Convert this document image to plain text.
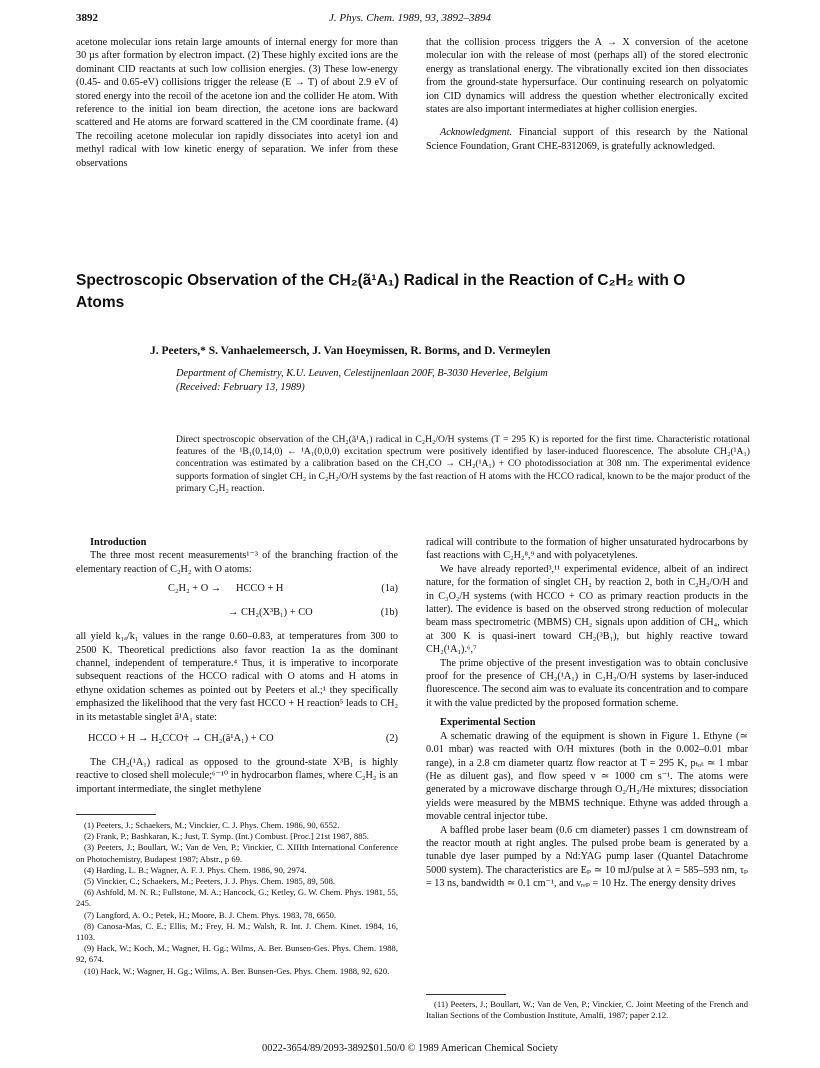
3892	J. Phys. Chem. 1989, 93, 3892–3894

acetone molecular ions retain large amounts of internal energy for more than 30 µs after formation by electron impact. (2) These highly excited ions are the dominant CID reactants at such low collision energies. (3) These low-energy (0.45- and 0.65-eV) collisions trigger the release (E → T) of about 2.9 eV of stored energy into the recoil of the acetone ion and the collider He atom. With reference to the initial ion beam direction, the acetone ions are backward scattered and He atoms are forward scattered in the CM coordinate frame. (4) The recoiling acetone molecular ion rapidly dissociates into acetyl ion and methyl radical with low kinetic energy of separation. We infer from these observations

that the collision process triggers the A → X conversion of the acetone molecular ion with the release of most (perhaps all) of the stored electronic energy as translational energy. The vibrationally excited ion then dissociates from the ground-state hypersurface. Our continuing research on polyatomic ion CID dynamics will address the question whether electronically excited states are also important intermediates at higher collision energies.

Acknowledgment. Financial support of this research by the National Science Foundation, Grant CHE-8312069, is gratefully acknowledged.

Spectroscopic Observation of the CH₂(ã¹A₁) Radical in the Reaction of C₂H₂ with O Atoms
J. Peeters,* S. Vanhaelemeersch, J. Van Hoeymissen, R. Borms, and D. Vermeylen
Department of Chemistry, K.U. Leuven, Celestijnenlaan 200F, B-3030 Heverlee, Belgium
(Received: February 13, 1989)
Direct spectroscopic observation of the CH₂(ã¹A₁) radical in C₂H₂/O/H systems (T = 295 K) is reported for the first time. Characteristic rotational features of the ¹B₁(0,14,0) ← ¹A₁(0,0,0) excitation spectrum were positively identified by laser-induced fluorescence. The absolute CH₂(¹A₁) concentration was estimated by a calibration based on the CH₂CO → CH₂(¹A₁) + CO photodissociation at 308 nm. The experimental evidence supports formation of singlet CH₂ in C₂H₂/O/H systems by the fast reaction of H atoms with the HCCO radical, known to be the major product of the primary C₂H₂ reaction.

Introduction

The three most recent measurements¹⁻³ of the branching fraction of the elementary reaction of C₂H₂ with O atoms:

C₂H₂ + O → HCCO + H	(1a)
→ CH₂(X³B₁) + CO	(1b)

all yield k₁ₐ/k₁ values in the range 0.60–0.83, at temperatures from 300 to 2500 K. Theoretical predictions also favor reaction 1a as the dominant channel, independent of temperature.⁴ Thus, it is imperative to incorporate subsequent reactions of the HCCO radical with O atoms and H atoms in ethyne oxidation schemes as pointed out by Peeters et al.;¹ they specifically emphasized the likelihood that the very fast HCCO + H reaction⁵ leads to CH₂ in its metastable singlet ã¹A₁ state:

HCCO + H → H₂CCO† → CH₂(ã¹A₁) + CO	(2)

The CH₂(¹A₁) radical as opposed to the ground-state X³B₁ is highly reactive to closed shell molecule;⁶⁻¹⁰ in hydrocarbon flames, where C₂H₂ is an important intermediate, the singlet methylene

(1) Peeters, J.; Schaekers, M.; Vinckier, C. J. Phys. Chem. 1986, 90, 6552.

(2) Frank, P.; Bashkaran, K.; Just, T. Symp. (Int.) Combust. [Proc.] 21st 1987, 885.

(3) Peeters, J.; Boullart, W.; Van de Ven, P.; Vinckier, C. XIIIth International Conference on Photochemistry, Budapest 1987; Abstr., p 69.

(4) Harding, L. B.; Wagner, A. F. J. Phys. Chem. 1986, 90, 2974.

(5) Vinckier, C.; Schaekers, M.; Peeters, J. J. Phys. Chem. 1985, 89, 508.

(6) Ashfold, M. N. R.; Fullstone, M. A.; Hancock, G.; Ketley, G. W. Chem. Phys. 1981, 55, 245.

(7) Langford, A. O.; Petek, H.; Moore, B. J. Chem. Phys. 1983, 78, 6650.

(8) Canosa-Mas, C. E.; Ellis, M.; Frey, H. M.; Walsh, R. Int. J. Chem. Kinet. 1984, 16, 1103.

(9) Hack, W.; Koch, M.; Wagner, H. Gg.; Wilms, A. Ber. Bunsen-Ges. Phys. Chem. 1988, 92, 674.

(10) Hack, W.; Wagner, H. Gg.; Wilms, A. Ber. Bunsen-Ges. Phys. Chem. 1988, 92, 620.

radical will contribute to the formation of higher unsaturated hydrocarbons by fast reactions with C₂H₂⁸,⁹ and with polyacetylenes.

We have already reported³,¹¹ experimental evidence, albeit of an indirect nature, for the formation of singlet CH₂ by reaction 2, both in C₂H₂/O/H and in C₃O₂/H systems (with HCCO + CO as primary reaction products in the latter). The evidence is based on the observed strong reduction of molecular beam mass spectrometric (MBMS) CH₂ signals upon addition of CH₄, which at 300 K is quasi-inert toward CH₂(³B₁), but highly reactive toward CH₂(¹A₁).⁶,⁷

The prime objective of the present investigation was to obtain conclusive proof for the presence of CH₂(¹A₁) in C₂H₂/O/H systems by laser-induced fluorescence. The second aim was to evaluate its concentration and to compare it with the value predicted by the proposed formation scheme.

Experimental Section

A schematic drawing of the equipment is shown in Figure 1. Ethyne (≃ 0.01 mbar) was reacted with O/H mixtures (both in the 0.002–0.01 mbar range), in a 2.8 cm diameter quartz flow reactor at T = 295 K, pₜₒₜ ≃ 1 mbar (He as diluent gas), and flow speed v ≃ 1000 cm s⁻¹. The atoms were generated by a microwave discharge through O₂/H₂/He mixtures; dissociation yields were measured by the MBMS technique. Ethyne was added through a movable central injector tube.

A baffled probe laser beam (0.6 cm diameter) passes 1 cm downstream of the reactor mouth at right angles. The pulsed probe beam is generated by a tunable dye laser pumped by a Nd:YAG pump laser (Quantel Datachrome 5000 system). The characteristics are Eₚ ≃ 10 mJ/pulse at λ = 585–593 nm, τₚ = 13 ns, bandwidth ≃ 0.1 cm⁻¹, and νᵣₑₚ = 10 Hz. The energy density drives

(11) Peeters, J.; Boullart, W.; Van de Ven, P.; Vinckier, C. Joint Meeting of the French and Italian Sections of the Combustion Institute, Amalfi, 1987; paper 2.12.

0022-3654/89/2093-3892$01.50/0 © 1989 American Chemical Society
